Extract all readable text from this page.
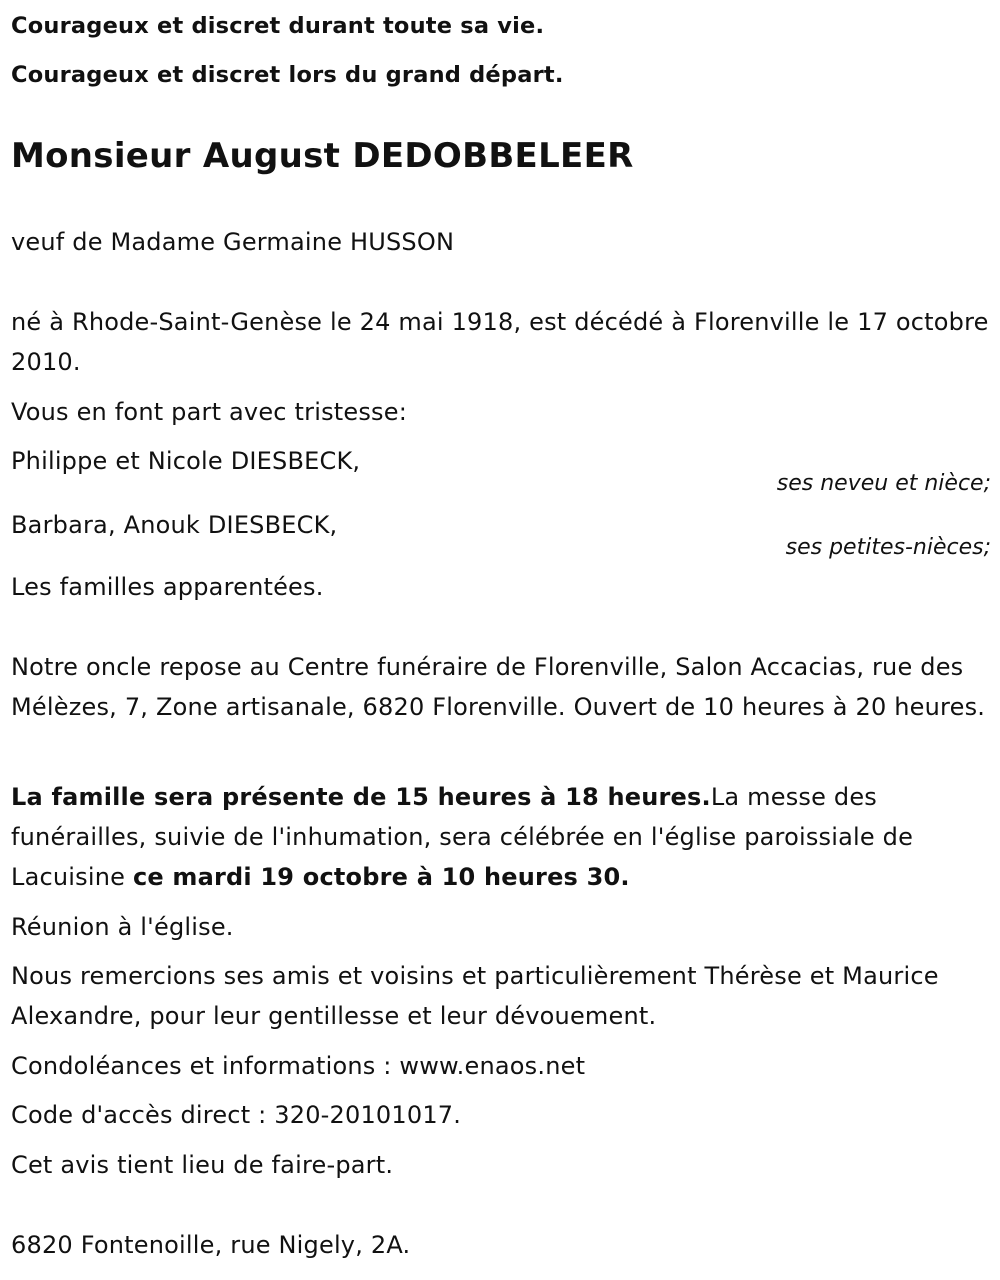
Courageux et discret durant toute sa vie.
Courageux et discret lors du grand départ.
Monsieur August DEDOBBELEER
veuf de Madame Germaine HUSSON
né à Rhode-Saint-Genèse le 24 mai 1918, est décédé à Florenville le 17 octobre 2010.
Vous en font part avec tristesse:
Philippe et Nicole DIESBECK,
ses neveu et nièce;
Barbara, Anouk DIESBECK,
ses petites-nièces;
Les familles apparentées.
Notre oncle repose au Centre funéraire de Florenville, Salon Accacias, rue des Mélèzes, 7, Zone artisanale, 6820 Florenville. Ouvert de 10 heures à 20 heures.
La famille sera présente de 15 heures à 18 heures.La messe des funérailles, suivie de l'inhumation, sera célébrée en l'église paroissiale de Lacuisine ce mardi 19 octobre à 10 heures 30.
Réunion à l'église.
Nous remercions ses amis et voisins et particulièrement Thérèse et Maurice Alexandre, pour leur gentillesse et leur dévouement.
Condoléances et informations : www.enaos.net
Code d'accès direct : 320-20101017.
Cet avis tient lieu de faire-part.
6820 Fontenoille, rue Nigely, 2A.
